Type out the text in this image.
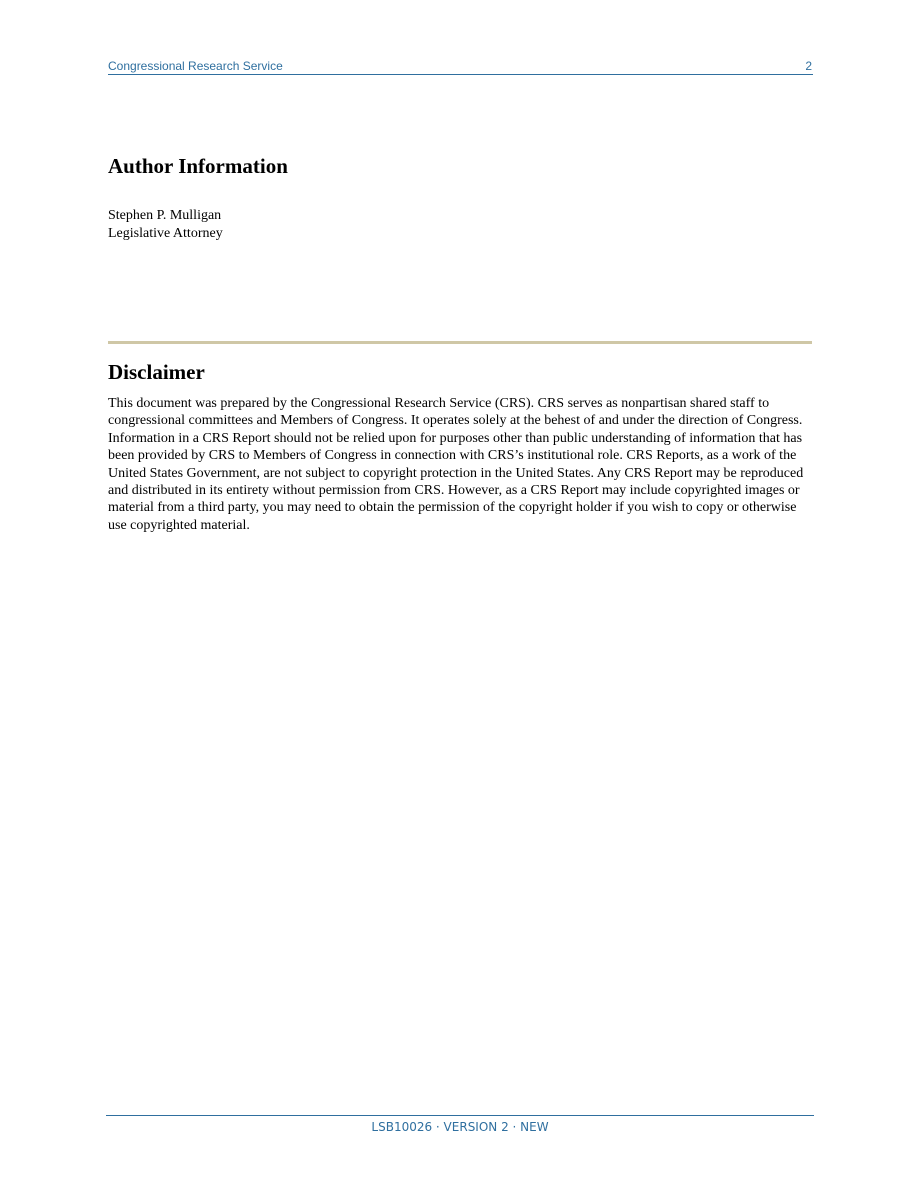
Congressional Research Service	2
Author Information
Stephen P. Mulligan
Legislative Attorney
Disclaimer

This document was prepared by the Congressional Research Service (CRS). CRS serves as nonpartisan shared staff to congressional committees and Members of Congress. It operates solely at the behest of and under the direction of Congress. Information in a CRS Report should not be relied upon for purposes other than public understanding of information that has been provided by CRS to Members of Congress in connection with CRS’s institutional role. CRS Reports, as a work of the United States Government, are not subject to copyright protection in the United States. Any CRS Report may be reproduced and distributed in its entirety without permission from CRS. However, as a CRS Report may include copyrighted images or material from a third party, you may need to obtain the permission of the copyright holder if you wish to copy or otherwise use copyrighted material.

LSB10026 · VERSION 2 · NEW
